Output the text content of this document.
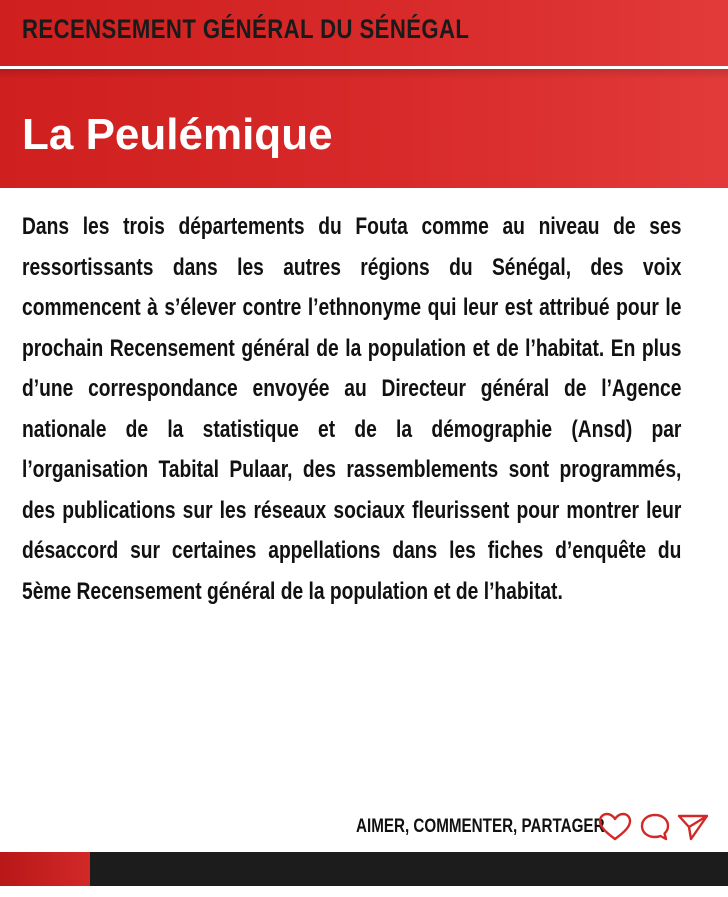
RECENSEMENT GÉNÉRAL DU SÉNÉGAL
La Peulémique
Dans les trois départements du Fouta comme au niveau de ses ressortissants dans les autres régions du Sénégal, des voix commencent à s’élever contre l’ethnonyme qui leur est attribué pour le prochain Recensement général de la population et de l’habitat. En plus d’une correspondance envoyée au Directeur général de l’Agence nationale de la statistique et de la démographie (Ansd) par l’organisation Tabital Pulaar, des rassemblements sont programmés, des publications sur les réseaux sociaux fleurissent pour montrer leur désaccord sur certaines appellations dans les fiches d’enquête du 5ème Recensement général de la population et de l’habitat.
AIMER, COMMENTER, PARTAGER
